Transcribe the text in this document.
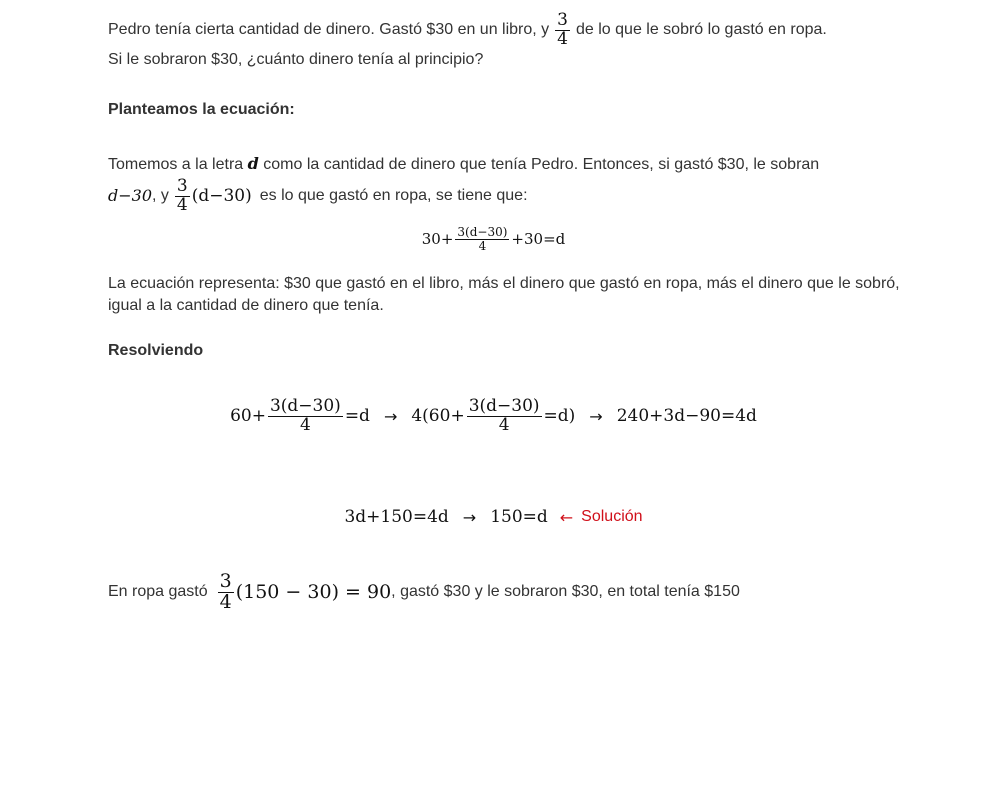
Pedro tenía cierta cantidad de dinero. Gastó $30 en un libro, y $\frac{3}{4}$ de lo que le sobró lo gastó en ropa.
Si le sobraron $30, ¿cuánto dinero tenía al principio?
Planteamos la ecuación:
Tomemos a la letra d como la cantidad de dinero que tenía Pedro. Entonces, si gastó $30, le sobran
d−30 , y $\frac{3}{4} (d-30)$ es lo que gastó en ropa, se tiene que:
$30+ \frac{3(d-30)}{4} +30=d$
La ecuación representa: $30 que gastó en el libro, más el dinero que gastó en ropa, más el dinero que le sobró, igual a la cantidad de dinero que tenía.
Resolviendo
$60+ \frac{3(d-30)}{4} =d \to 4(60+ \frac{3(d-30)}{4} =d) \to 240+3d-90=4d$
3d+150=4d → 150=d ← Solución
En ropa gastó $\frac{3}{4} (150 - 30) = 90$ , gastó $30 y le sobraron $30, en total tenía $150
